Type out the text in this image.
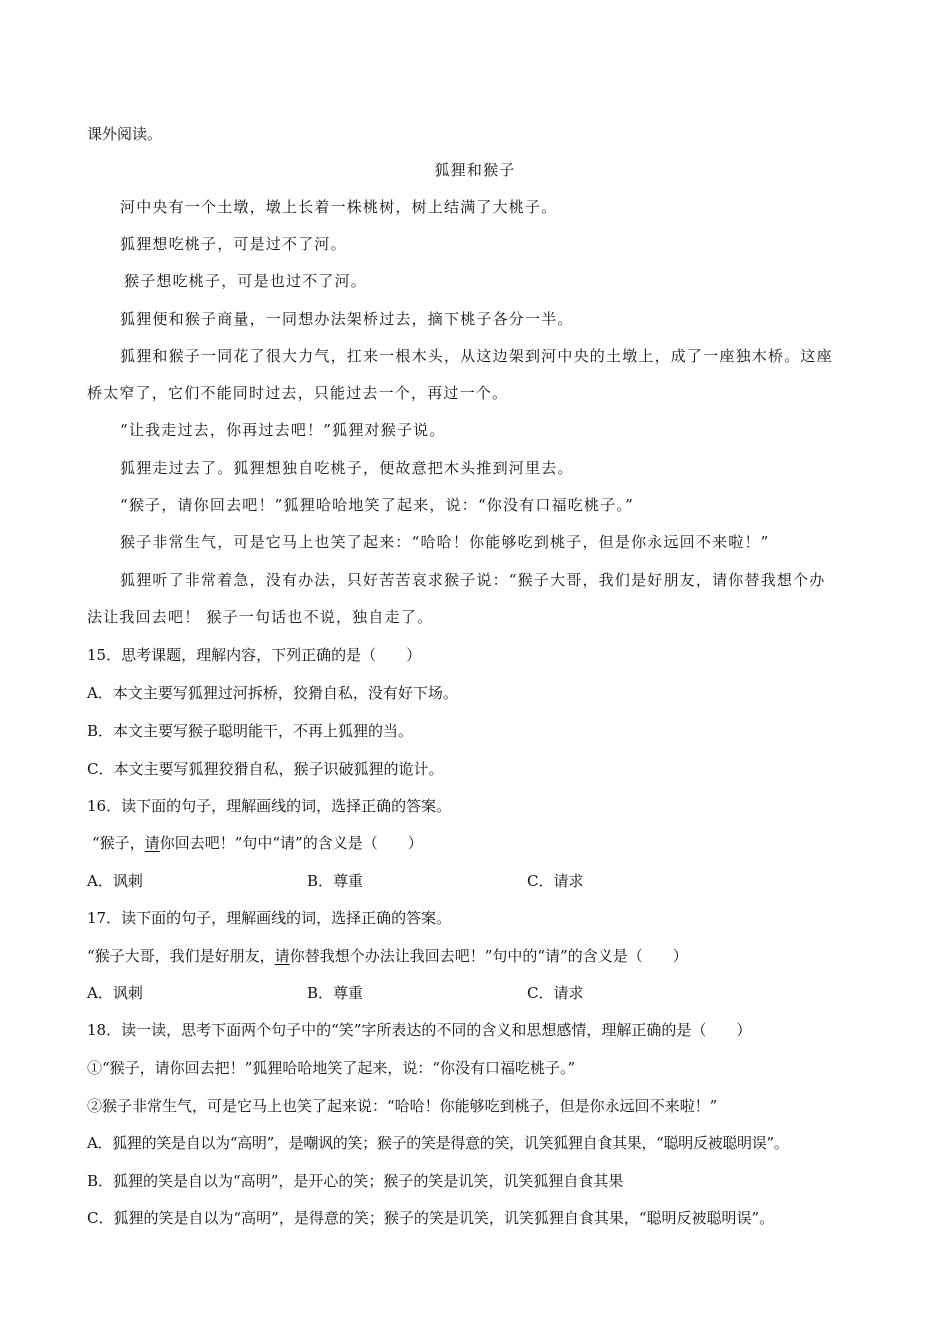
课外阅读。
狐狸和猴子
河中央有一个土墩，墩上长着一株桃树，树上结满了大桃子。
狐狸想吃桃子，可是过不了河。
猴子想吃桃子，可是也过不了河。
狐狸便和猴子商量，一同想办法架桥过去，摘下桃子各分一半。
狐狸和猴子一同花了很大力气，扛来一根木头，从这边架到河中央的土墩上，成了一座独木桥。这座
桥太窄了，它们不能同时过去，只能过去一个，再过一个。
“让我走过去，你再过去吧！”狐狸对猴子说。
狐狸走过去了。狐狸想独自吃桃子，便故意把木头推到河里去。
“猴子，请你回去吧！”狐狸哈哈地笑了起来，说：“你没有口福吃桃子。”
猴子非常生气，可是它马上也笑了起来：“哈哈！你能够吃到桃子，但是你永远回不来啦！”
狐狸听了非常着急，没有办法，只好苦苦哀求猴子说：“猴子大哥，我们是好朋友，请你替我想个办
法让我回去吧！ 猴子一句话也不说，独自走了。
15．思考课题，理解内容，下列正确的是（　　）
A．本文主要写狐狸过河拆桥，狡猾自私，没有好下场。
B．本文主要写猴子聪明能干，不再上狐狸的当。
C．本文主要写狐狸狡猾自私，猴子识破狐狸的诡计。
16．读下面的句子，理解画线的词，选择正确的答案。
“猴子，请你回去吧！”句中“请”的含义是（　　）
A．讽刺	B．尊重	C．请求
17．读下面的句子，理解画线的词，选择正确的答案。
“猴子大哥，我们是好朋友，请你替我想个办法让我回去吧！”句中的“请”的含义是（　　）
A．讽刺	B．尊重	C．请求
18．读一读，思考下面两个句子中的“笑”字所表达的不同的含义和思想感情，理解正确的是（　　）
①“猴子，请你回去把！”狐狸哈哈地笑了起来，说：“你没有口福吃桃子。”
②猴子非常生气，可是它马上也笑了起来说：“哈哈！你能够吃到桃子，但是你永远回不来啦！”
A．狐狸的笑是自以为“高明”，是嘲讽的笑；猴子的笑是得意的笑，讥笑狐狸自食其果，“聪明反被聪明误”。
B．狐狸的笑是自以为“高明”，是开心的笑；猴子的笑是讥笑，讥笑狐狸自食其果
C．狐狸的笑是自以为“高明”，是得意的笑；猴子的笑是讥笑，讥笑狐狸自食其果，“聪明反被聪明误”。
